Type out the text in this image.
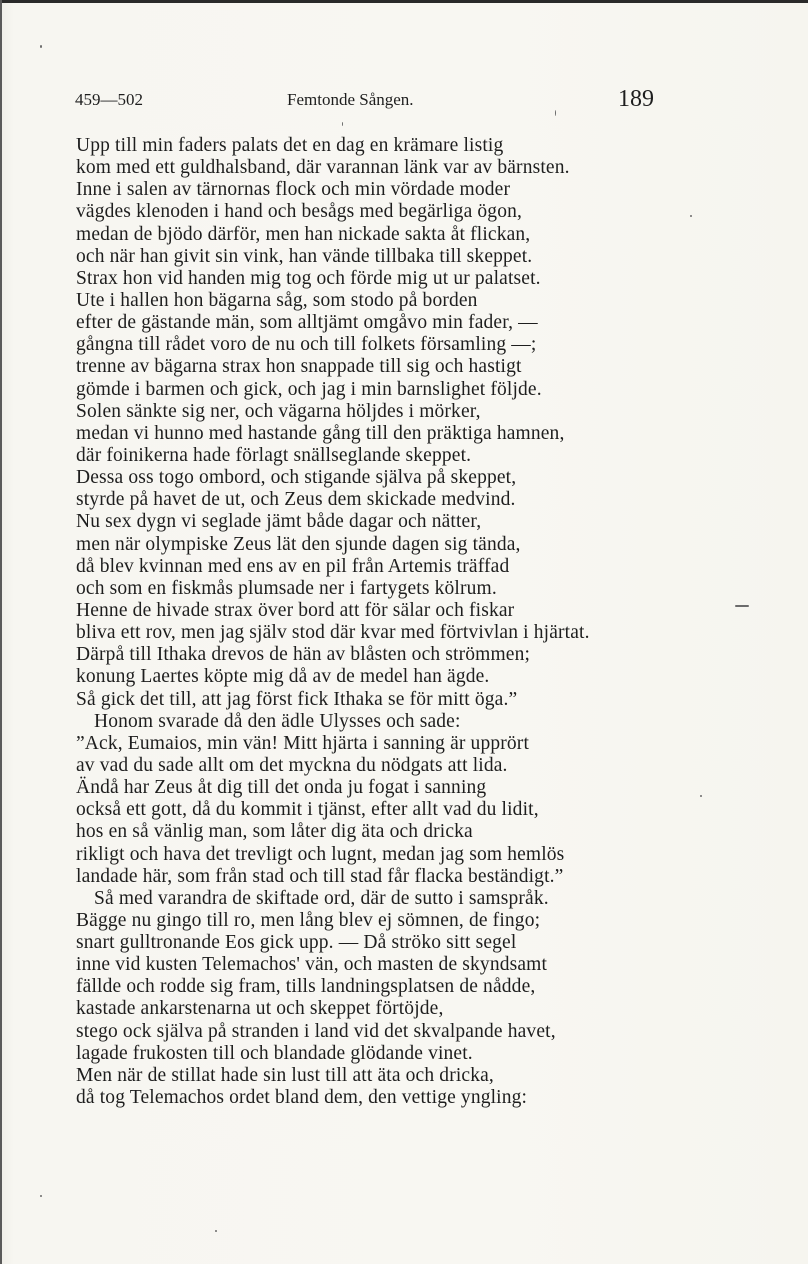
459—502	Femtonde Sången.	189
Upp till min faders palats det en dag en krämare listig
kom med ett guldhalsband, där varannan länk var av bärnsten.
Inne i salen av tärnornas flock och min vördade moder
vägdes klenoden i hand och besågs med begärliga ögon,
medan de bjödo därför, men han nickade sakta åt flickan,
och när han givit sin vink, han vände tillbaka till skeppet.
Strax hon vid handen mig tog och förde mig ut ur palatset.
Ute i hallen hon bägarna såg, som stodo på borden
efter de gästande män, som alltjämt omgåvo min fader, —
gångna till rådet voro de nu och till folkets församling —;
trenne av bägarna strax hon snappade till sig och hastigt
gömde i barmen och gick, och jag i min barnslighet följde.
Solen sänkte sig ner, och vägarna höljdes i mörker,
medan vi hunno med hastande gång till den präktiga hamnen,
där foinikerna hade förlagt snällseglande skeppet.
Dessa oss togo ombord, och stigande själva på skeppet,
styrde på havet de ut, och Zeus dem skickade medvind.
Nu sex dygn vi seglade jämt både dagar och nätter,
men när olympiske Zeus lät den sjunde dagen sig tända,
då blev kvinnan med ens av en pil från Artemis träffad
och som en fiskmås plumsade ner i fartygets kölrum.
Henne de hivade strax över bord att för sälar och fiskar
bliva ett rov, men jag själv stod där kvar med förtvivlan i hjärtat.
Därpå till Ithaka drevos de hän av blåsten och strömmen;
konung Laertes köpte mig då av de medel han ägde.
Så gick det till, att jag först fick Ithaka se för mitt öga.”
Honom svarade då den ädle Ulysses och sade:
”Ack, Eumaios, min vän! Mitt hjärta i sanning är upprört
av vad du sade allt om det myckna du nödgats att lida.
Ändå har Zeus åt dig till det onda ju fogat i sanning
också ett gott, då du kommit i tjänst, efter allt vad du lidit,
hos en så vänlig man, som låter dig äta och dricka
rikligt och hava det trevligt och lugnt, medan jag som hemlös
landade här, som från stad och till stad får flacka beständigt.”
Så med varandra de skiftade ord, där de sutto i samspråk.
Bägge nu gingo till ro, men lång blev ej sömnen, de fingo;
snart gulltronande Eos gick upp. — Då ströko sitt segel
inne vid kusten Telemachos' vän, och masten de skyndsamt
fällde och rodde sig fram, tills landningsplatsen de nådde,
kastade ankarstenarna ut och skeppet förtöjde,
stego ock själva på stranden i land vid det skvalpande havet,
lagade frukosten till och blandade glödande vinet.
Men när de stillat hade sin lust till att äta och dricka,
då tog Telemachos ordet bland dem, den vettige yngling:
